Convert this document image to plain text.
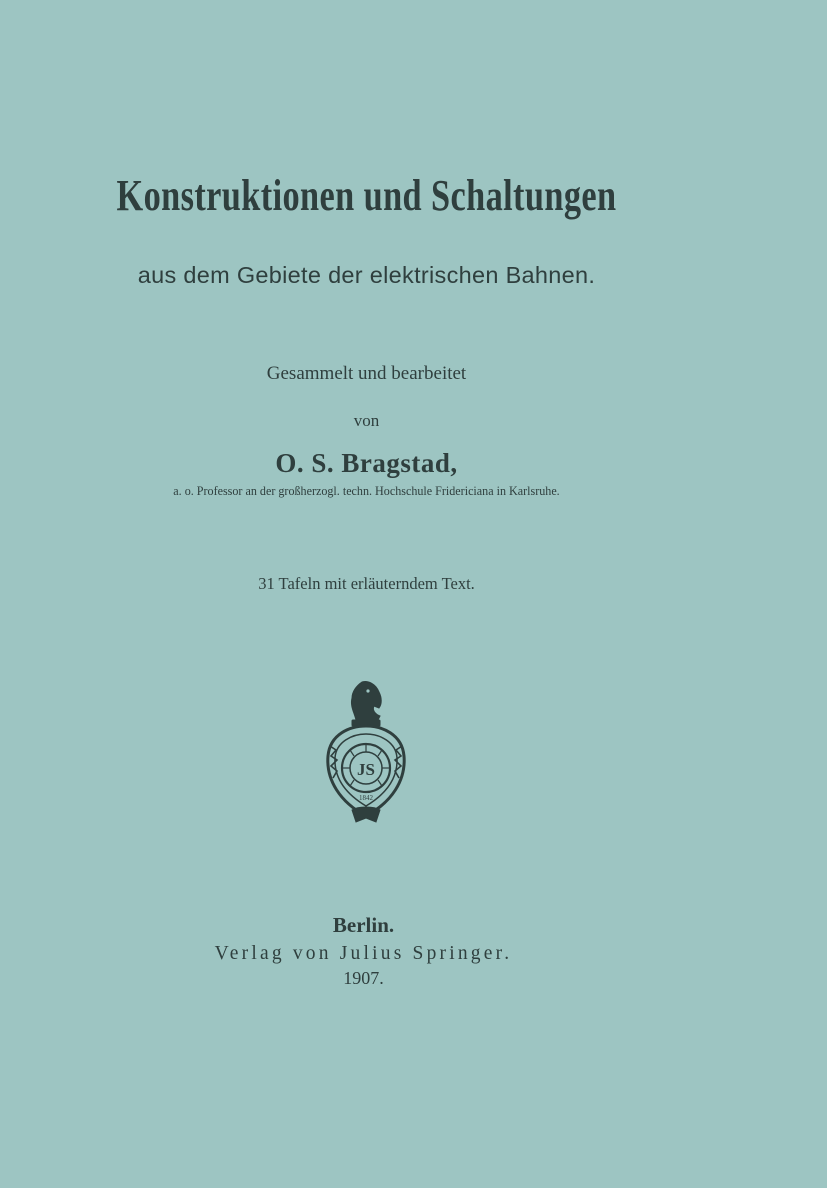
Konstruktionen und Schaltungen
aus dem Gebiete der elektrischen Bahnen.
Gesammelt und bearbeitet
von
O. S. Bragstad,
a. o. Professor an der großherzogl. techn. Hochschule Fridericiana in Karlsruhe.
31 Tafeln mit erläuterndem Text.
JS
1842
Berlin.
Verlag von Julius Springer.
1907.
